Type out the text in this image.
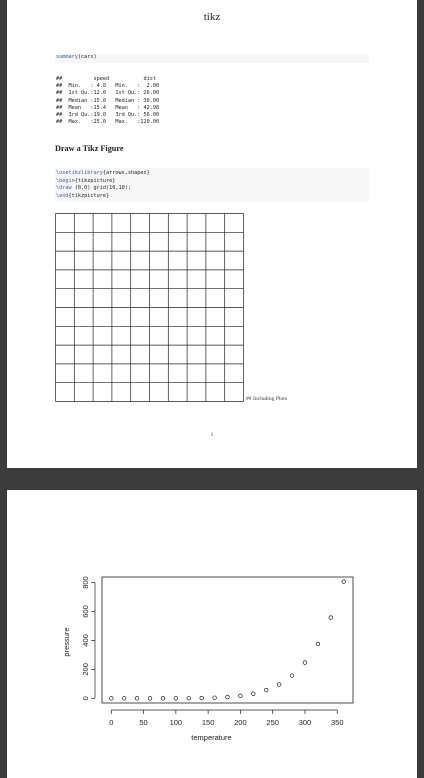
tikz
summary(cars)
##          speed           dist
##  Min.   : 4.0   Min.   :  2.00
##  1st Qu.:12.0   1st Qu.: 26.00
##  Median :15.0   Median : 36.00
##  Mean   :15.4   Mean   : 42.98
##  3rd Qu.:19.0   3rd Qu.: 56.00
##  Max.   :25.0   Max.   :120.00
Draw a Tikz Figure
\usetikzlibrary{arrows,shapes}
\begin{tikzpicture}
\draw (0,0) grid(10,10);
\end{tikzpicture}
## Including Plots
1
0	50	100	150	200	250	300	350
0
200
400
600
800
temperature
pressure
